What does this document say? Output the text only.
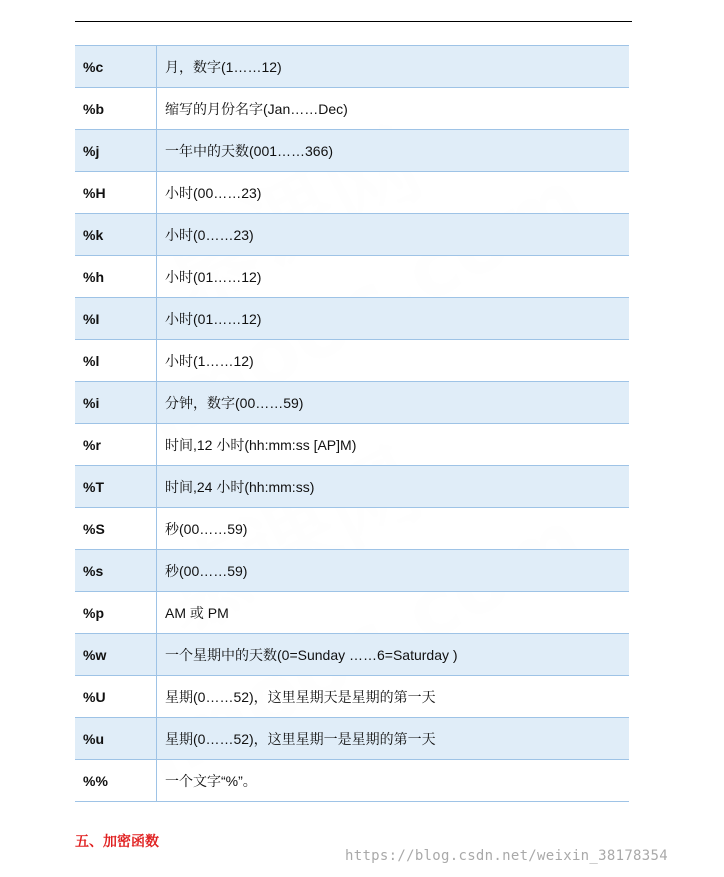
%c	月，数字(1……12)
%b	缩写的月份名字(Jan……Dec)
%j	一年中的天数(001……366)
%H	小时(00……23)
%k	小时(0……23)
%h	小时(01……12)
%I	小时(01……12)
%l	小时(1……12)
%i	分钟，数字(00……59)
%r	时间,12 小时(hh:mm:ss [AP]M)
%T	时间,24 小时(hh:mm:ss)
%S	秒(00……59)
%s	秒(00……59)
%p	AM 或 PM
%w	一个星期中的天数(0=Sunday ……6=Saturday )
%U	星期(0……52)，这里星期天是星期的第一天
%u	星期(0……52)，这里星期一是星期的第一天
%%	一个文字“%”。
五、加密函数
https://blog.csdn.net/weixin_38178354
